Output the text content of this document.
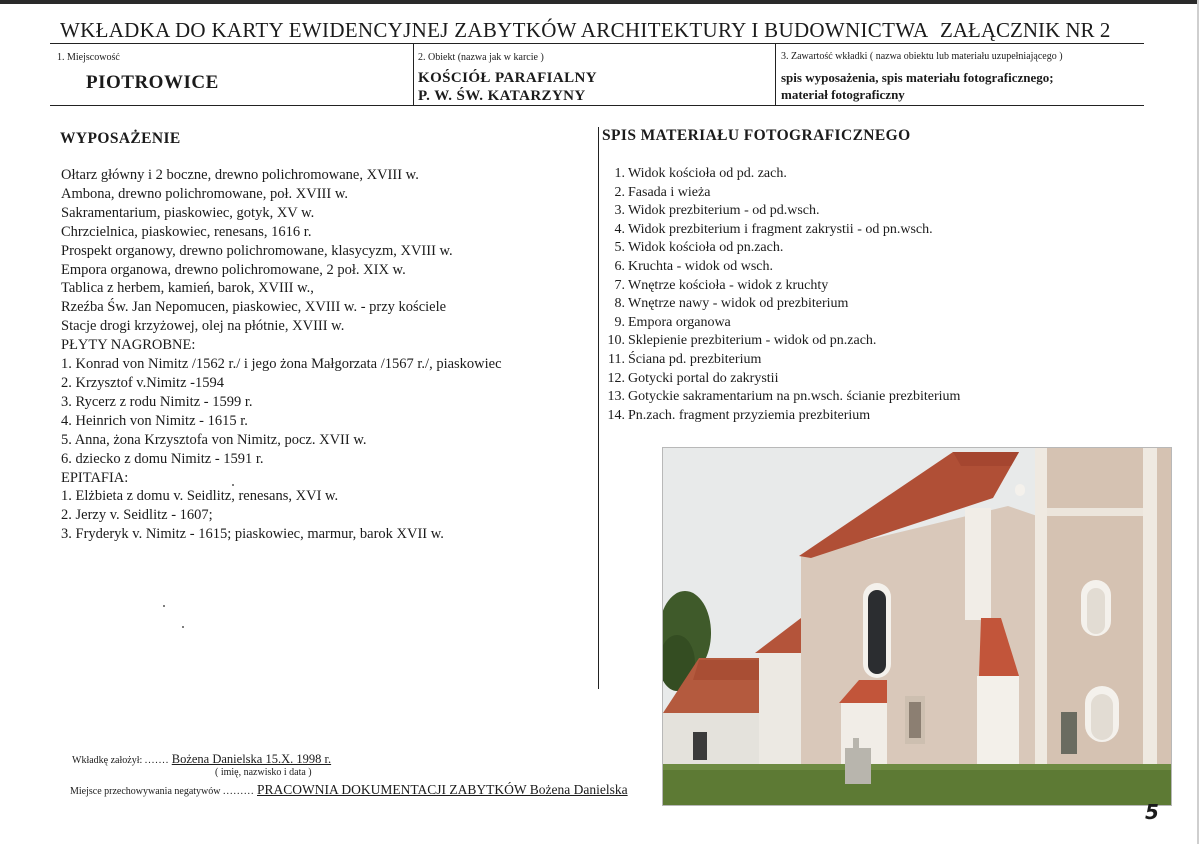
WKŁADKA DO KARTY EWIDENCYJNEJ ZABYTKÓW ARCHITEKTURY I BUDOWNICTWA ZAŁĄCZNIK NR 2
1. Miejscowość
PIOTROWICE
2. Obiekt (nazwa jak w karcie )
KOŚCIÓŁ PARAFIALNY
P. W. ŚW. KATARZYNY
3. Zawartość wkładki ( nazwa obiektu lub materiału uzupełniającego )
spis wyposażenia, spis materiału fotograficznego;
materiał fotograficzny
WYPOSAŻENIE	SPIS MATERIAŁU FOTOGRAFICZNEGO
Ołtarz główny i 2 boczne, drewno polichromowane, XVIII w.
Ambona, drewno polichromowane, poł. XVIII w.
Sakramentarium, piaskowiec, gotyk, XV w.
Chrzcielnica, piaskowiec, renesans, 1616 r.
Prospekt organowy, drewno polichromowane, klasycyzm, XVIII w.
Empora organowa, drewno polichromowane, 2 poł. XIX w.
Tablica z herbem, kamień, barok, XVIII w.,
Rzeźba Św. Jan Nepomucen, piaskowiec, XVIII w. - przy kościele
Stacje drogi krzyżowej, olej na płótnie, XVIII w.
PŁYTY NAGROBNE:
1. Konrad von Nimitz /1562 r./ i jego żona Małgorzata /1567 r./, piaskowiec
2. Krzysztof v.Nimitz -1594
3. Rycerz z rodu Nimitz - 1599 r.
4. Heinrich von Nimitz - 1615 r.
5. Anna, żona Krzysztofa von Nimitz, pocz. XVII w.
6. dziecko z domu Nimitz - 1591 r.
EPITAFIA:
1. Elżbieta z domu v. Seidlitz, renesans, XVI w.
2. Jerzy v. Seidlitz - 1607;
3. Fryderyk v. Nimitz - 1615; piaskowiec, marmur, barok XVII w.
1. Widok kościoła od pd. zach.
2. Fasada i wieża
3. Widok prezbiterium - od pd.wsch.
4. Widok prezbiterium i fragment zakrystii - od pn.wsch.
5. Widok kościoła od pn.zach.
6. Kruchta - widok od wsch.
7. Wnętrze kościoła - widok z kruchty
8. Wnętrze nawy - widok od prezbiterium
9. Empora organowa
10. Sklepienie prezbiterium - widok od pn.zach.
11. Ściana pd. prezbiterium
12. Gotycki portal do zakrystii
13. Gotyckie sakramentarium na pn.wsch. ścianie prezbiterium
14. Pn.zach. fragment przyziemia prezbiterium
Wkładkę założył: ....... Bożena Danielska 15.X. 1998 r.
( imię, nazwisko i data )
Miejsce przechowywania negatywów ......... PRACOWNIA DOKUMENTACJI ZABYTKÓW Bożena Danielska
5
